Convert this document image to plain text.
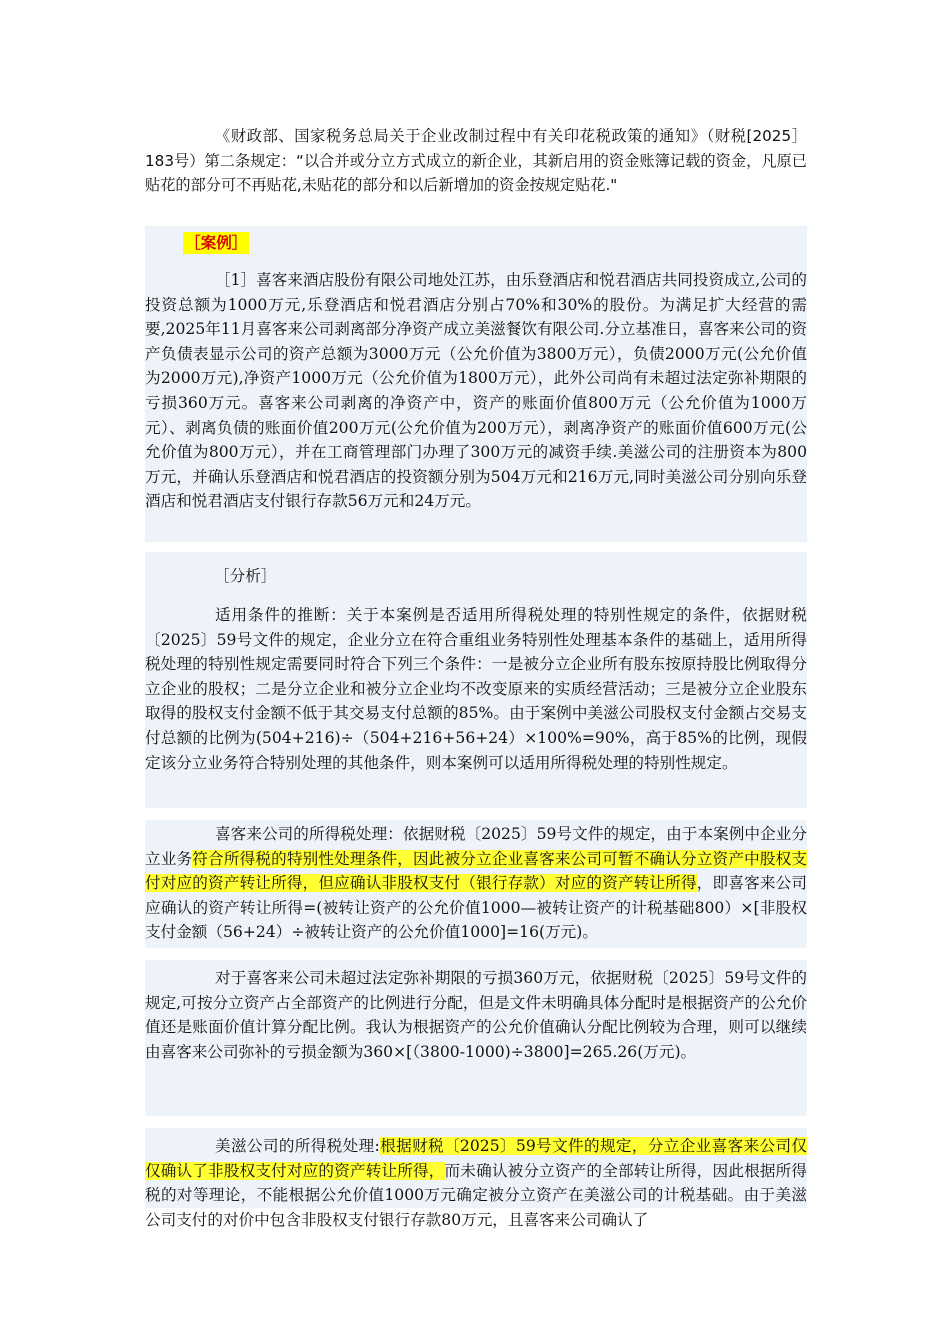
《财政部、国家税务总局关于企业改制过程中有关印花税政策的通知》（财税[2025］183号）第二条规定：“以合并或分立方式成立的新企业，其新启用的资金账簿记载的资金，凡原已贴花的部分可不再贴花,未贴花的部分和以后新增加的资金按规定贴花."

［案例］

［1］喜客来酒店股份有限公司地处江苏，由乐登酒店和悦君酒店共同投资成立,公司的投资总额为1000万元,乐登酒店和悦君酒店分别占70%和30%的股份。为满足扩大经营的需要,2025年11月喜客来公司剥离部分净资产成立美滋餐饮有限公司.分立基准日，喜客来公司的资产负债表显示公司的资产总额为3000万元（公允价值为3800万元），负债2000万元(公允价值为2000万元),净资产1000万元（公允价值为1800万元），此外公司尚有未超过法定弥补期限的亏损360万元。喜客来公司剥离的净资产中，资产的账面价值800万元（公允价值为1000万元）、剥离负债的账面价值200万元(公允价值为200万元），剥离净资产的账面价值600万元(公允价值为800万元），并在工商管理部门办理了300万元的减资手续.美滋公司的注册资本为800万元，并确认乐登酒店和悦君酒店的投资额分别为504万元和216万元,同时美滋公司分别向乐登酒店和悦君酒店支付银行存款56万元和24万元。

［分析］

适用条件的推断：关于本案例是否适用所得税处理的特别性规定的条件，依据财税〔2025〕59号文件的规定，企业分立在符合重组业务特别性处理基本条件的基础上，适用所得税处理的特别性规定需要同时符合下列三个条件：一是被分立企业所有股东按原持股比例取得分立企业的股权；二是分立企业和被分立企业均不改变原来的实质经营活动；三是被分立企业股东取得的股权支付金额不低于其交易支付总额的85%。由于案例中美滋公司股权支付金额占交易支付总额的比例为(504+216)÷（504+216+56+24）×100%=90%，高于85%的比例，现假定该分立业务符合特别处理的其他条件，则本案例可以适用所得税处理的特别性规定。

喜客来公司的所得税处理：依据财税〔2025〕59号文件的规定，由于本案例中企业分立业务符合所得税的特别性处理条件，因此被分立企业喜客来公司可暂不确认分立资产中股权支付对应的资产转让所得，但应确认非股权支付（银行存款）对应的资产转让所得，即喜客来公司应确认的资产转让所得=(被转让资产的公允价值1000—被转让资产的计税基础800）×[非股权支付金额（56+24）÷被转让资产的公允价值1000]=16(万元)。

对于喜客来公司未超过法定弥补期限的亏损360万元，依据财税〔2025〕59号文件的规定,可按分立资产占全部资产的比例进行分配，但是文件未明确具体分配时是根据资产的公允价值还是账面价值计算分配比例。我认为根据资产的公允价值确认分配比例较为合理，则可以继续由喜客来公司弥补的亏损金额为360×[（3800-1000)÷3800]=265.26(万元)。

美滋公司的所得税处理:根据财税〔2025〕59号文件的规定，分立企业喜客来公司仅仅确认了非股权支付对应的资产转让所得，而未确认被分立资产的全部转让所得，因此根据所得税的对等理论，不能根据公允价值1000万元确定被分立资产在美滋公司的计税基础。由于美滋公司支付的对价中包含非股权支付银行存款80万元，且喜客来公司确认了
